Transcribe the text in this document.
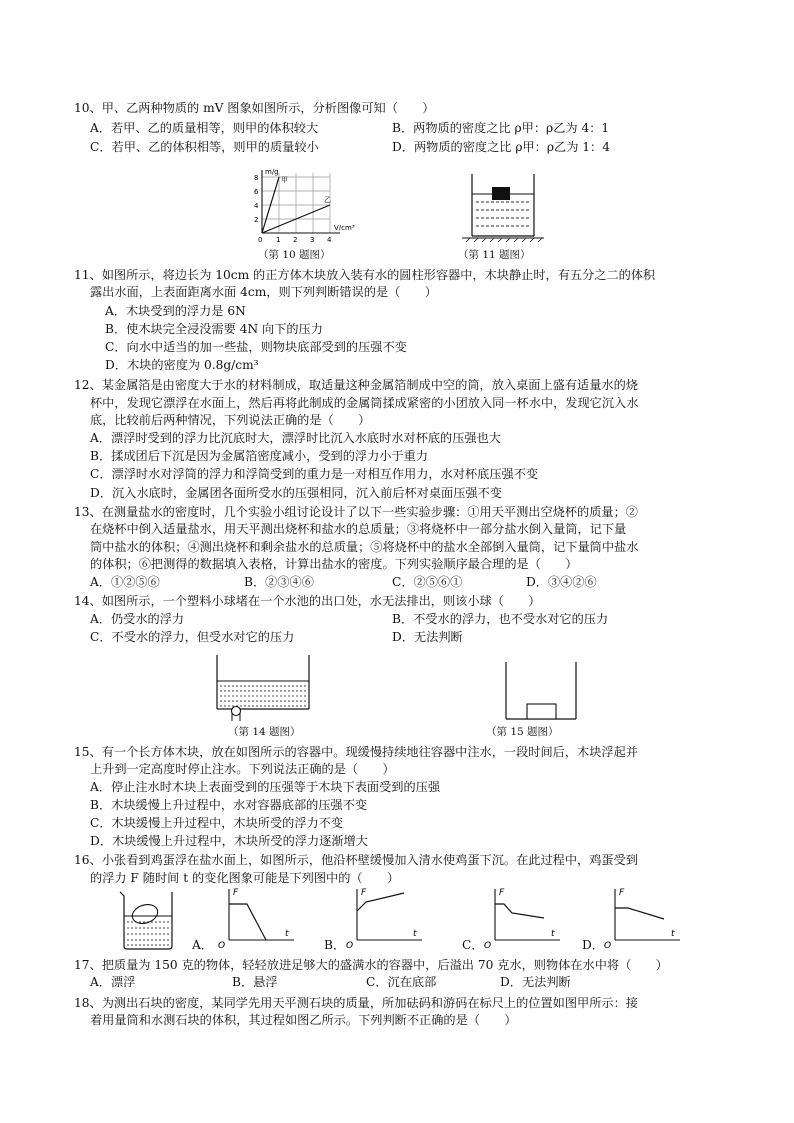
10、甲、乙两种物质的 mV 图象如图所示，分析图像可知（　　）
A．若甲、乙的质量相等，则甲的体积较大	B．两物质的密度之比 ρ甲：ρ乙为 4：1
C．若甲、乙的体积相等，则甲的质量较小	D．两物质的密度之比 ρ甲：ρ乙为 1：4
m/g
V/cm³
0
2
4
6
8
1 2 3 4
甲
乙
（第 10 题图）	（第 11 题图）
11、如图所示，将边长为 10cm 的正方体木块放入装有水的圆柱形容器中，木块静止时，有五分之二的体积
露出水面，上表面距离水面 4cm，则下列判断错误的是（　　）
A．木块受到的浮力是 6N
B．使木块完全浸没需要 4N 向下的压力
C．向水中适当的加一些盐，则物块底部受到的压强不变
D．木块的密度为 0.8g/cm³
12、某金属箔是由密度大于水的材料制成，取适量这种金属箔制成中空的筒，放入桌面上盛有适量水的烧
杯中，发现它漂浮在水面上，然后再将此制成的金属筒揉成紧密的小团放入同一杯水中，发现它沉入水
底，比较前后两种情况，下列说法正确的是（　　）
A．漂浮时受到的浮力比沉底时大，漂浮时比沉入水底时水对杯底的压强也大
B．揉成团后下沉是因为金属箔密度减小，受到的浮力小于重力
C．漂浮时水对浮筒的浮力和浮筒受到的重力是一对相互作用力，水对杯底压强不变
D．沉入水底时，金属团各面所受水的压强相同，沉入前后杯对桌面压强不变
13、在测量盐水的密度时，几个实验小组讨论设计了以下一些实验步骤：①用天平测出空烧杯的质量；②
在烧杯中倒入适量盐水，用天平测出烧杯和盐水的总质量；③将烧杯中一部分盐水倒入量筒，记下量
筒中盐水的体积；④测出烧杯和剩余盐水的总质量；⑤将烧杯中的盐水全部倒入量筒，记下量筒中盐水
的体积；⑥把测得的数据填入表格，计算出盐水的密度。下列实验顺序最合理的是（　　）
A．①②⑤⑥	B．②③④⑥	C．②⑤⑥①	D．③④②⑥
14、如图所示，一个塑料小球堵在一个水池的出口处，水无法排出，则该小球（　　）
A．仍受水的浮力	B．不受水的浮力，也不受水对它的压力
C．不受水的浮力，但受水对它的压力	D．无法判断
（第 14 题图）	（第 15 题图）
15、有一个长方体木块，放在如图所示的容器中。现缓慢持续地往容器中注水，一段时间后，木块浮起并
上升到一定高度时停止注水。下列说法正确的是（　　）
A．停止注水时木块上表面受到的压强等于木块下表面受到的压强
B．木块缓慢上升过程中，水对容器底部的压强不变
C．木块缓慢上升过程中，木块所受的浮力不变
D．木块缓慢上升过程中，木块所受的浮力逐渐增大
16、小张看到鸡蛋浮在盐水面上，如图所示，他沿杯壁缓慢加入清水使鸡蛋下沉。在此过程中，鸡蛋受到
的浮力 F 随时间 t 的变化图象可能是下列图中的（　　）
A．	B．	C．	D．
F
t
O
F
t
O
F
t
O
F
t
O
17、把质量为 150 克的物体，轻轻放进足够大的盛满水的容器中，后溢出 70 克水，则物体在水中将（　　）
A．漂浮	B．悬浮	C．沉在底部	D．无法判断
18、为测出石块的密度，某同学先用天平测石块的质量，所加砝码和游码在标尺上的位置如图甲所示：接
着用量筒和水测石块的体积，其过程如图乙所示。下列判断不正确的是（　　）
